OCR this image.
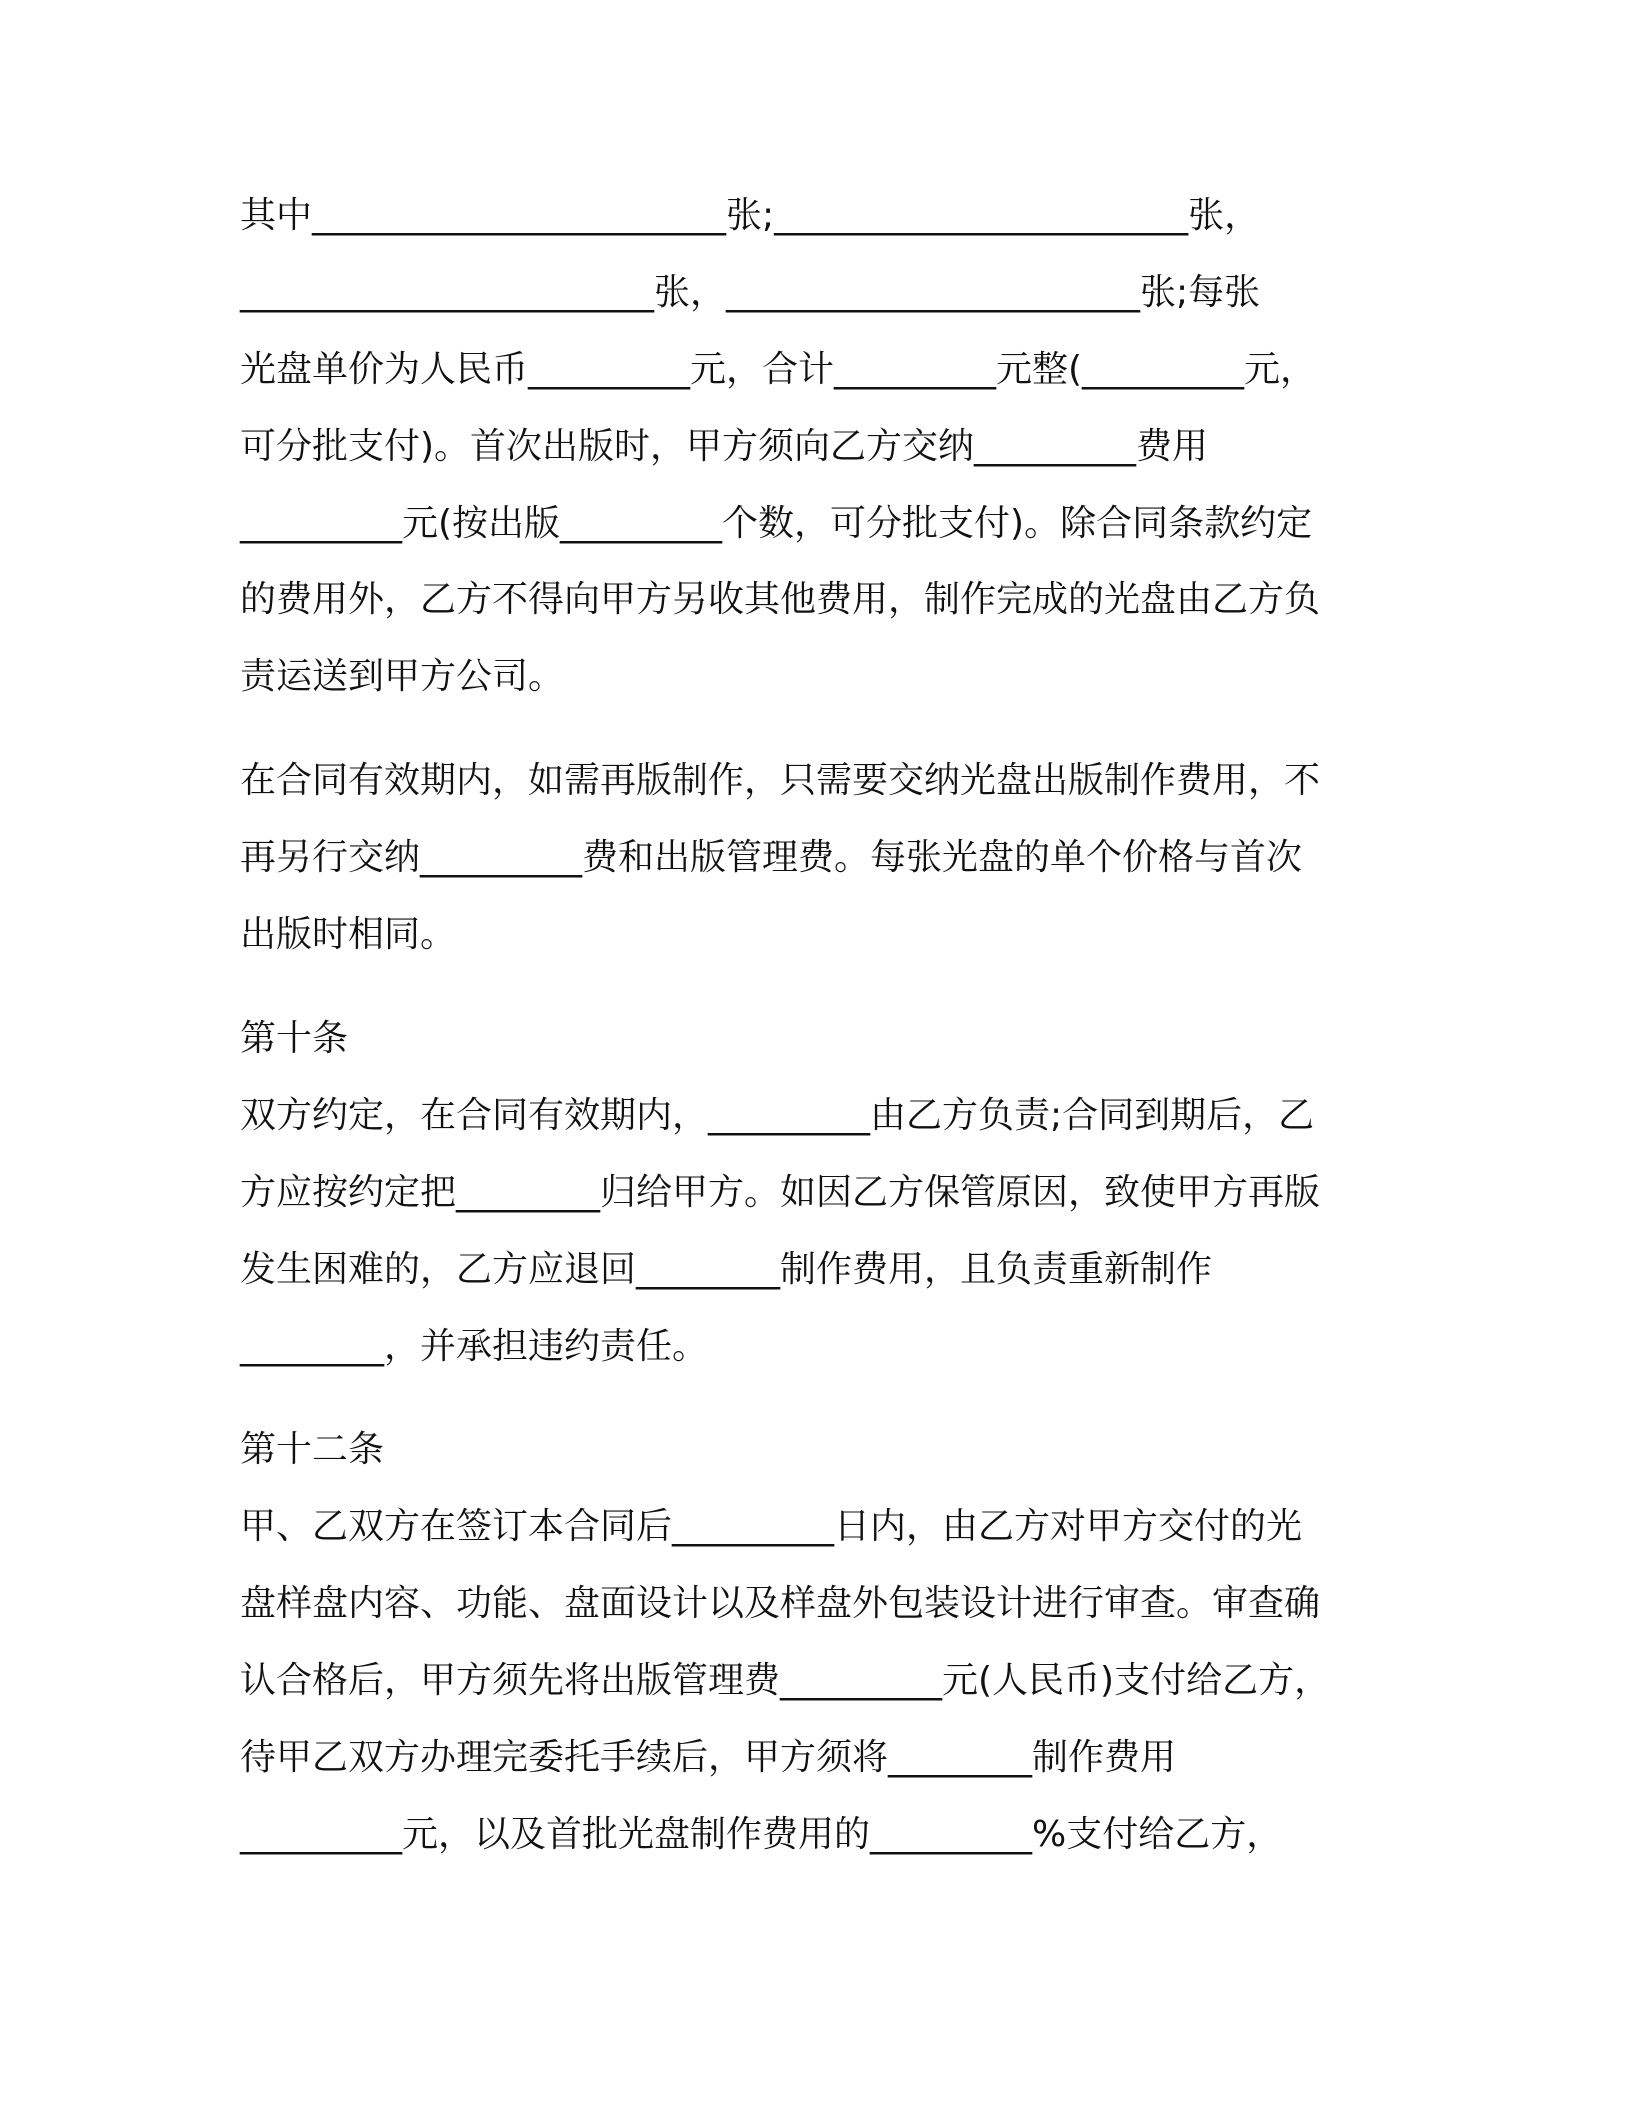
其中_______________________张;_______________________张，
_______________________张，_______________________张;每张
光盘单价为人民币_________元，合计_________元整(_________元，
可分批支付)。首次出版时，甲方须向乙方交纳_________费用
_________元(按出版_________个数，可分批支付)。除合同条款约定
的费用外，乙方不得向甲方另收其他费用，制作完成的光盘由乙方负
责运送到甲方公司。
在合同有效期内，如需再版制作，只需要交纳光盘出版制作费用，不
再另行交纳_________费和出版管理费。每张光盘的单个价格与首次
出版时相同。
第十条
双方约定，在合同有效期内，_________由乙方负责;合同到期后，乙
方应按约定把________归给甲方。如因乙方保管原因，致使甲方再版
发生困难的，乙方应退回________制作费用，且负责重新制作
________，并承担违约责任。
第十二条
甲、乙双方在签订本合同后_________日内，由乙方对甲方交付的光
盘样盘内容、功能、盘面设计以及样盘外包装设计进行审查。审查确
认合格后，甲方须先将出版管理费_________元(人民币)支付给乙方，
待甲乙双方办理完委托手续后，甲方须将________制作费用
_________元，以及首批光盘制作费用的_________%支付给乙方，
